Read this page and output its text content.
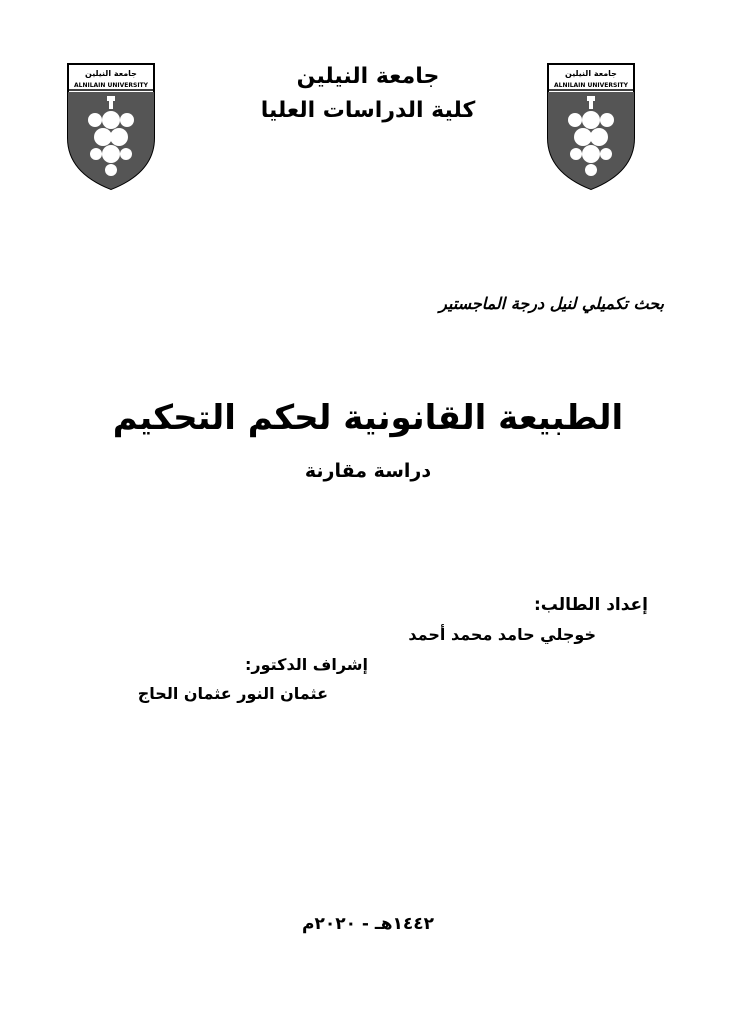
جامعة النيلين
ALNILAIN UNIVERSITY
جامعة النيلين
ALNILAIN UNIVERSITY
جامعة النيلين
كلية الدراسات العليا
بحث تكميلي لنيل درجة الماجستير
الطبيعة القانونية لحكم التحكيم
دراسة مقارنة
إعداد الطالب:
خوجلي حامد محمد أحمد
إشراف الدكتور:
عثمان النور عثمان الحاج
١٤٤٢هـ - ٢٠٢٠م
